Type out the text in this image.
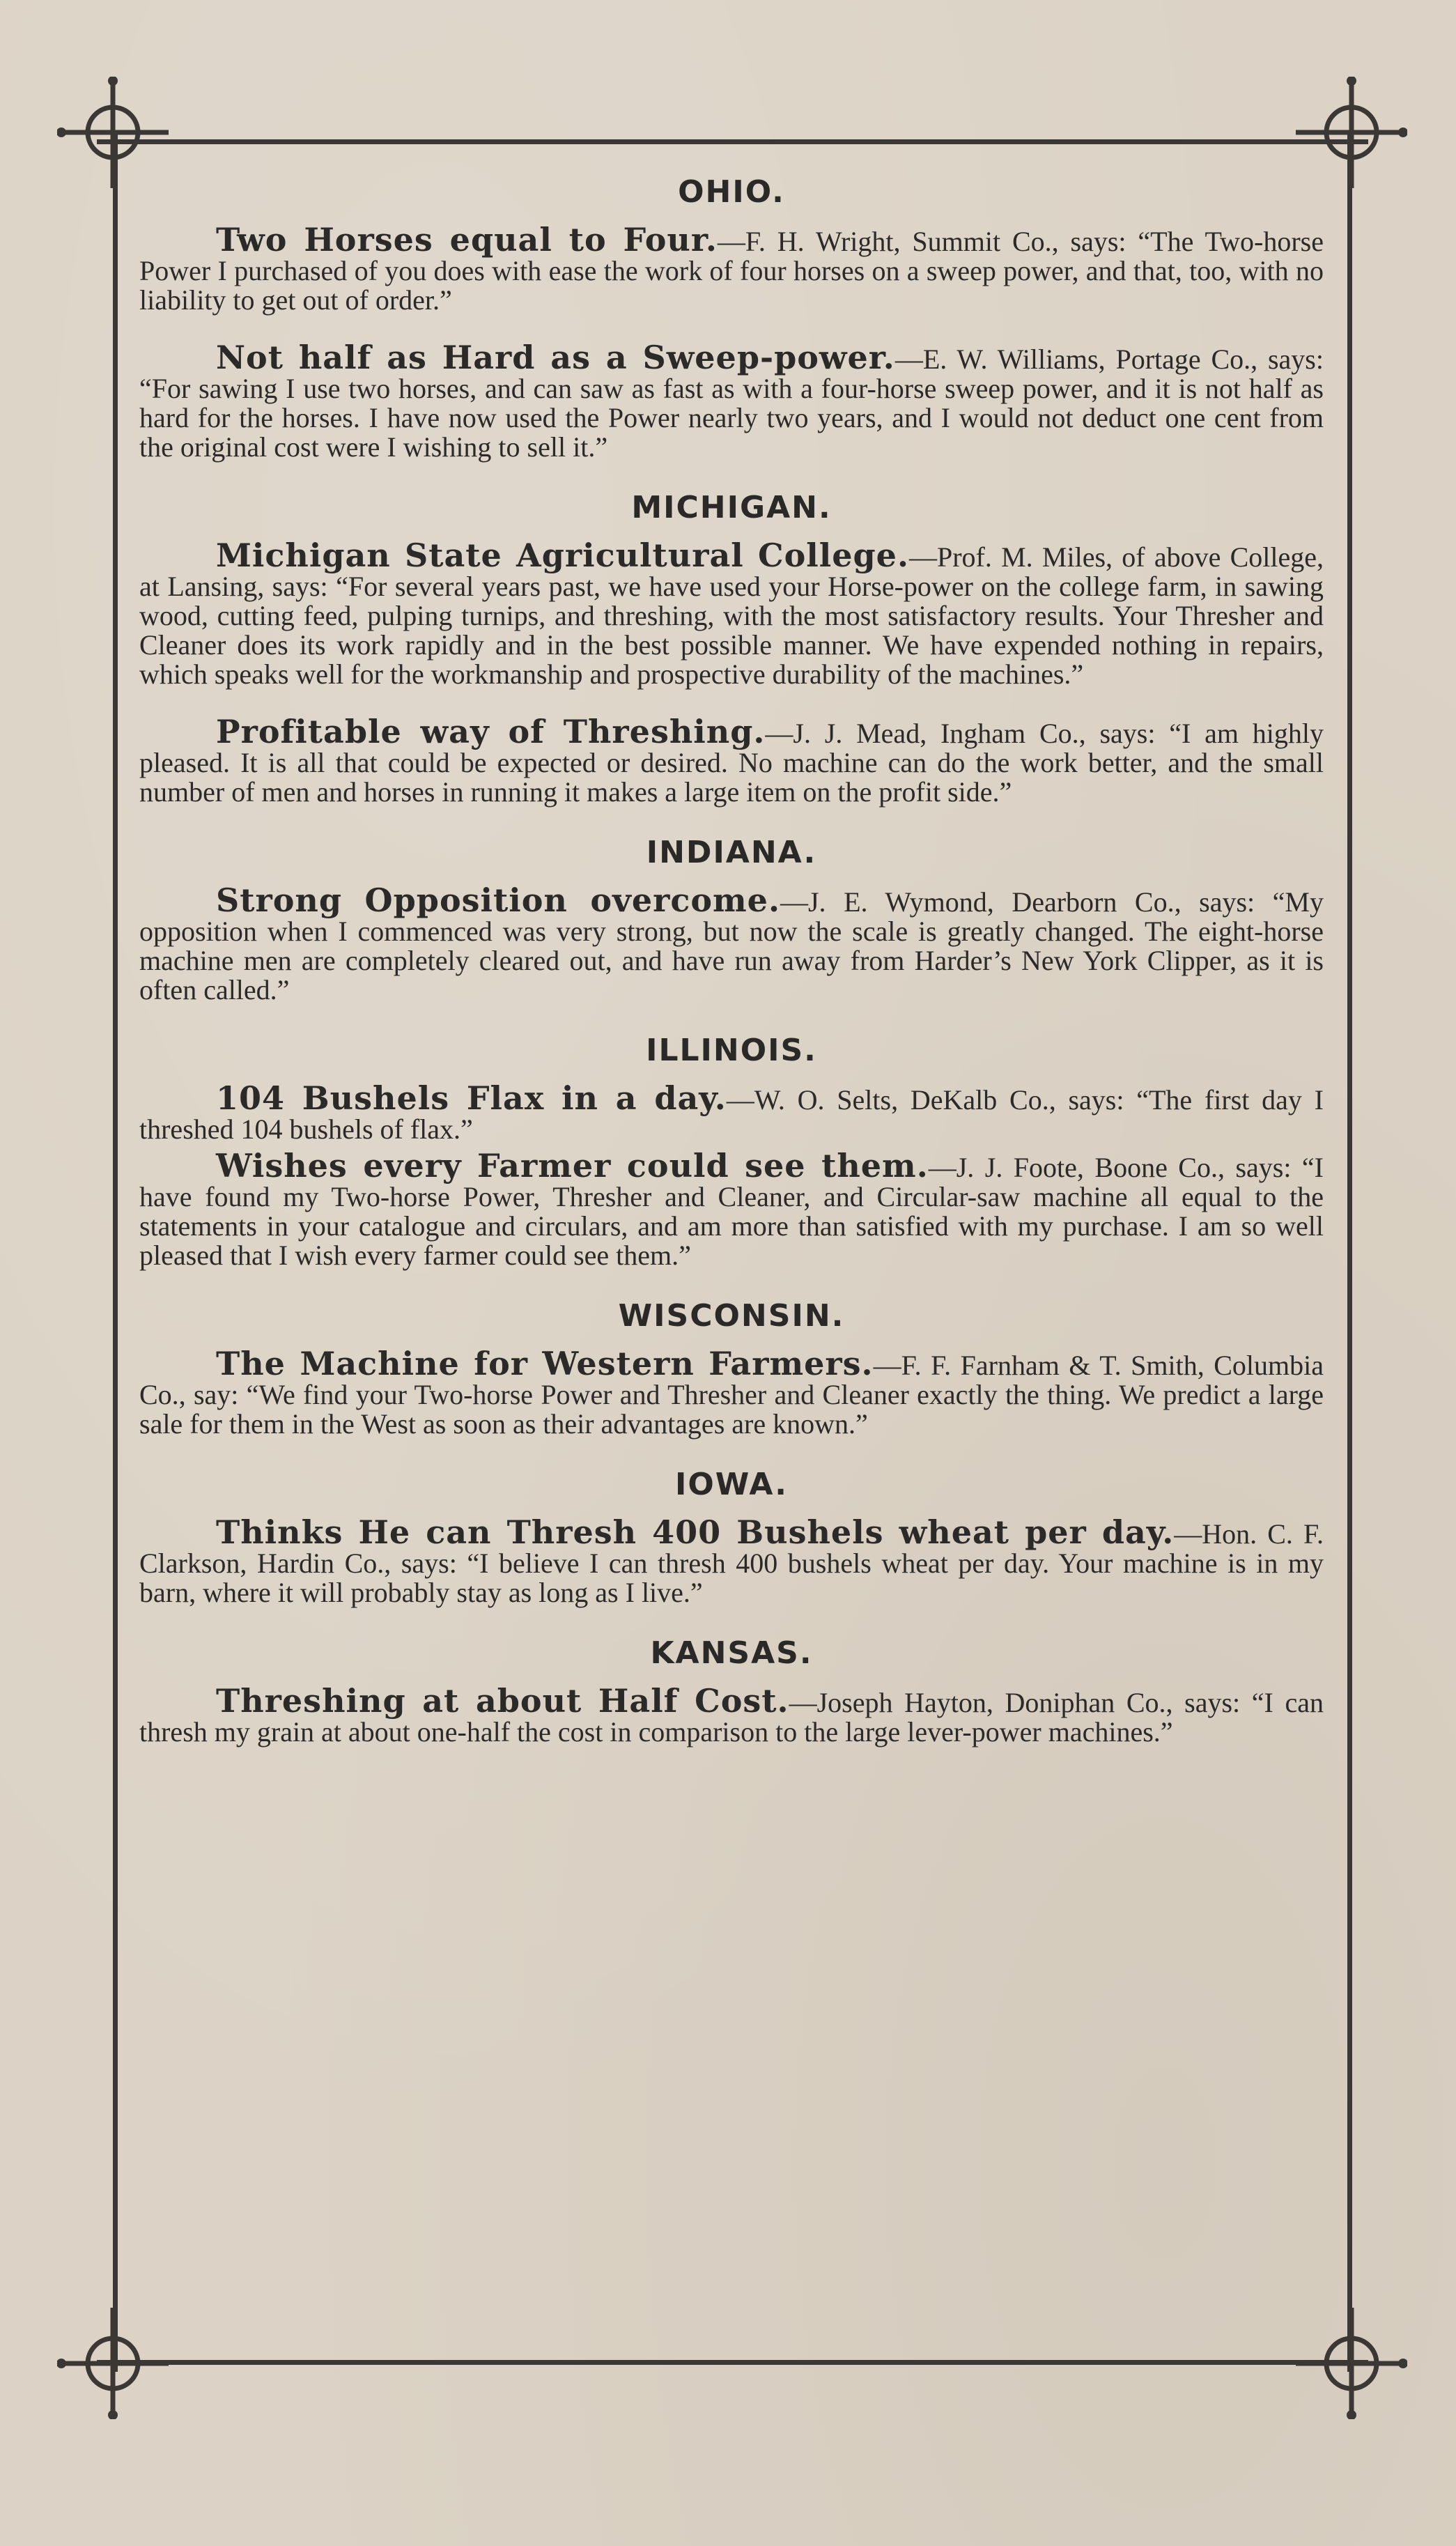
OHIO.

Two Horses equal to Four.—F. H. Wright, Summit Co., says: “The Two-horse Power I purchased of you does with ease the work of four horses on a sweep power, and that, too, with no liability to get out of order.”

Not half as Hard as a Sweep-power.—E. W. Williams, Portage Co., says: “For sawing I use two horses, and can saw as fast as with a four-horse sweep power, and it is not half as hard for the horses. I have now used the Power nearly two years, and I would not deduct one cent from the original cost were I wishing to sell it.”

MICHIGAN.

Michigan State Agricultural College.—Prof. M. Miles, of above College, at Lansing, says: “For several years past, we have used your Horse-power on the college farm, in sawing wood, cutting feed, pulping turnips, and threshing, with the most satisfactory results. Your Thresher and Cleaner does its work rapidly and in the best possible manner. We have expended nothing in repairs, which speaks well for the workmanship and prospective durability of the machines.”

Profitable way of Threshing.—J. J. Mead, Ingham Co., says: “I am highly pleased. It is all that could be expected or desired. No machine can do the work better, and the small number of men and horses in running it makes a large item on the profit side.”

INDIANA.

Strong Opposition overcome.—J. E. Wymond, Dearborn Co., says: “My opposition when I commenced was very strong, but now the scale is greatly changed. The eight-horse machine men are completely cleared out, and have run away from Harder’s New York Clipper, as it is often called.”

ILLINOIS.

104 Bushels Flax in a day.—W. O. Selts, DeKalb Co., says: “The first day I threshed 104 bushels of flax.”

Wishes every Farmer could see them.—J. J. Foote, Boone Co., says: “I have found my Two-horse Power, Thresher and Cleaner, and Circular-saw machine all equal to the statements in your catalogue and circulars, and am more than satisfied with my purchase. I am so well pleased that I wish every farmer could see them.”

WISCONSIN.

The Machine for Western Farmers.—F. F. Farnham & T. Smith, Columbia Co., say: “We find your Two-horse Power and Thresher and Cleaner exactly the thing. We predict a large sale for them in the West as soon as their advantages are known.”

IOWA.

Thinks He can Thresh 400 Bushels wheat per day.—Hon. C. F. Clarkson, Hardin Co., says: “I believe I can thresh 400 bushels wheat per day. Your machine is in my barn, where it will probably stay as long as I live.”

KANSAS.

Threshing at about Half Cost.—Joseph Hayton, Doniphan Co., says: “I can thresh my grain at about one-half the cost in comparison to the large lever-power machines.”
